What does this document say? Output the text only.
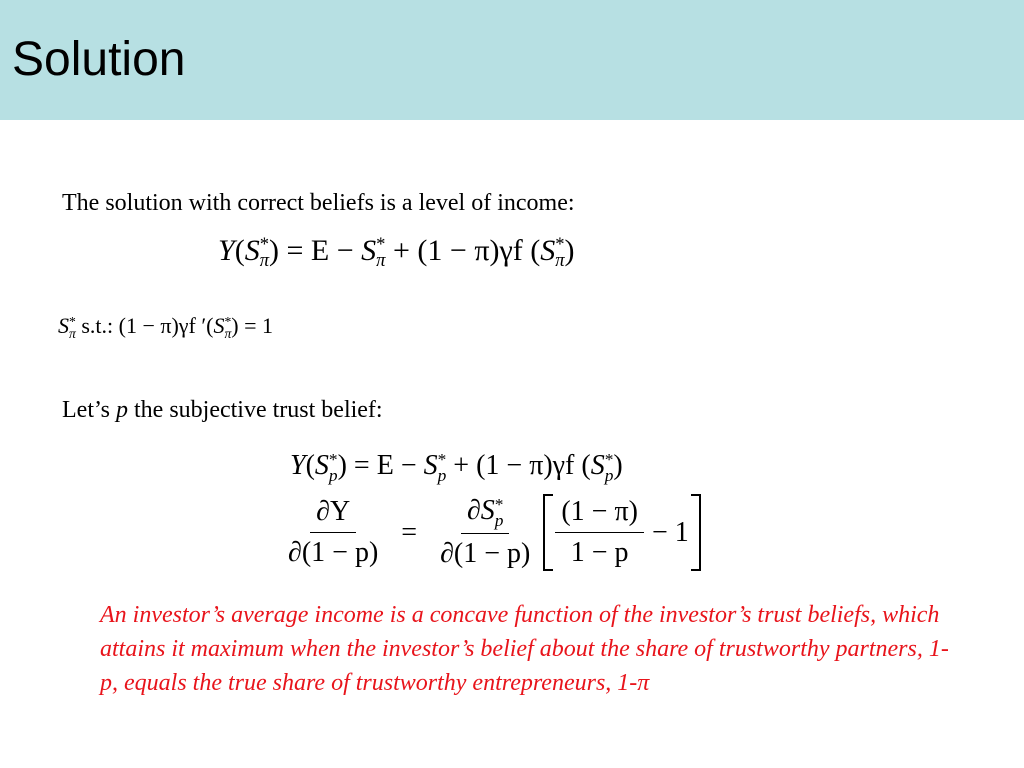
Solution
The solution with correct beliefs is a level of income:
Y(S *
π ) = E − S *
π + (1 − π)γf (S *
π )
S *
π s.t.: (1 − π)γf ′(S *
π ) = 1
Let’s p the subjective trust belief:
Y(S *
p ) = E − S *
p + (1 − π)γf (S *
p )
$\frac{\partial Y}{\partial(1 - p)} = \partial S$ *
p
∂(1 − p)
$\frac{(1 - \pi)}{1 - p} - 1$
An investor’s average income is a concave function of the investor’s trust beliefs, which attains it maximum when the investor’s belief about the share of trustworthy partners, 1-p, equals the true share of trustworthy entrepreneurs, 1-π
